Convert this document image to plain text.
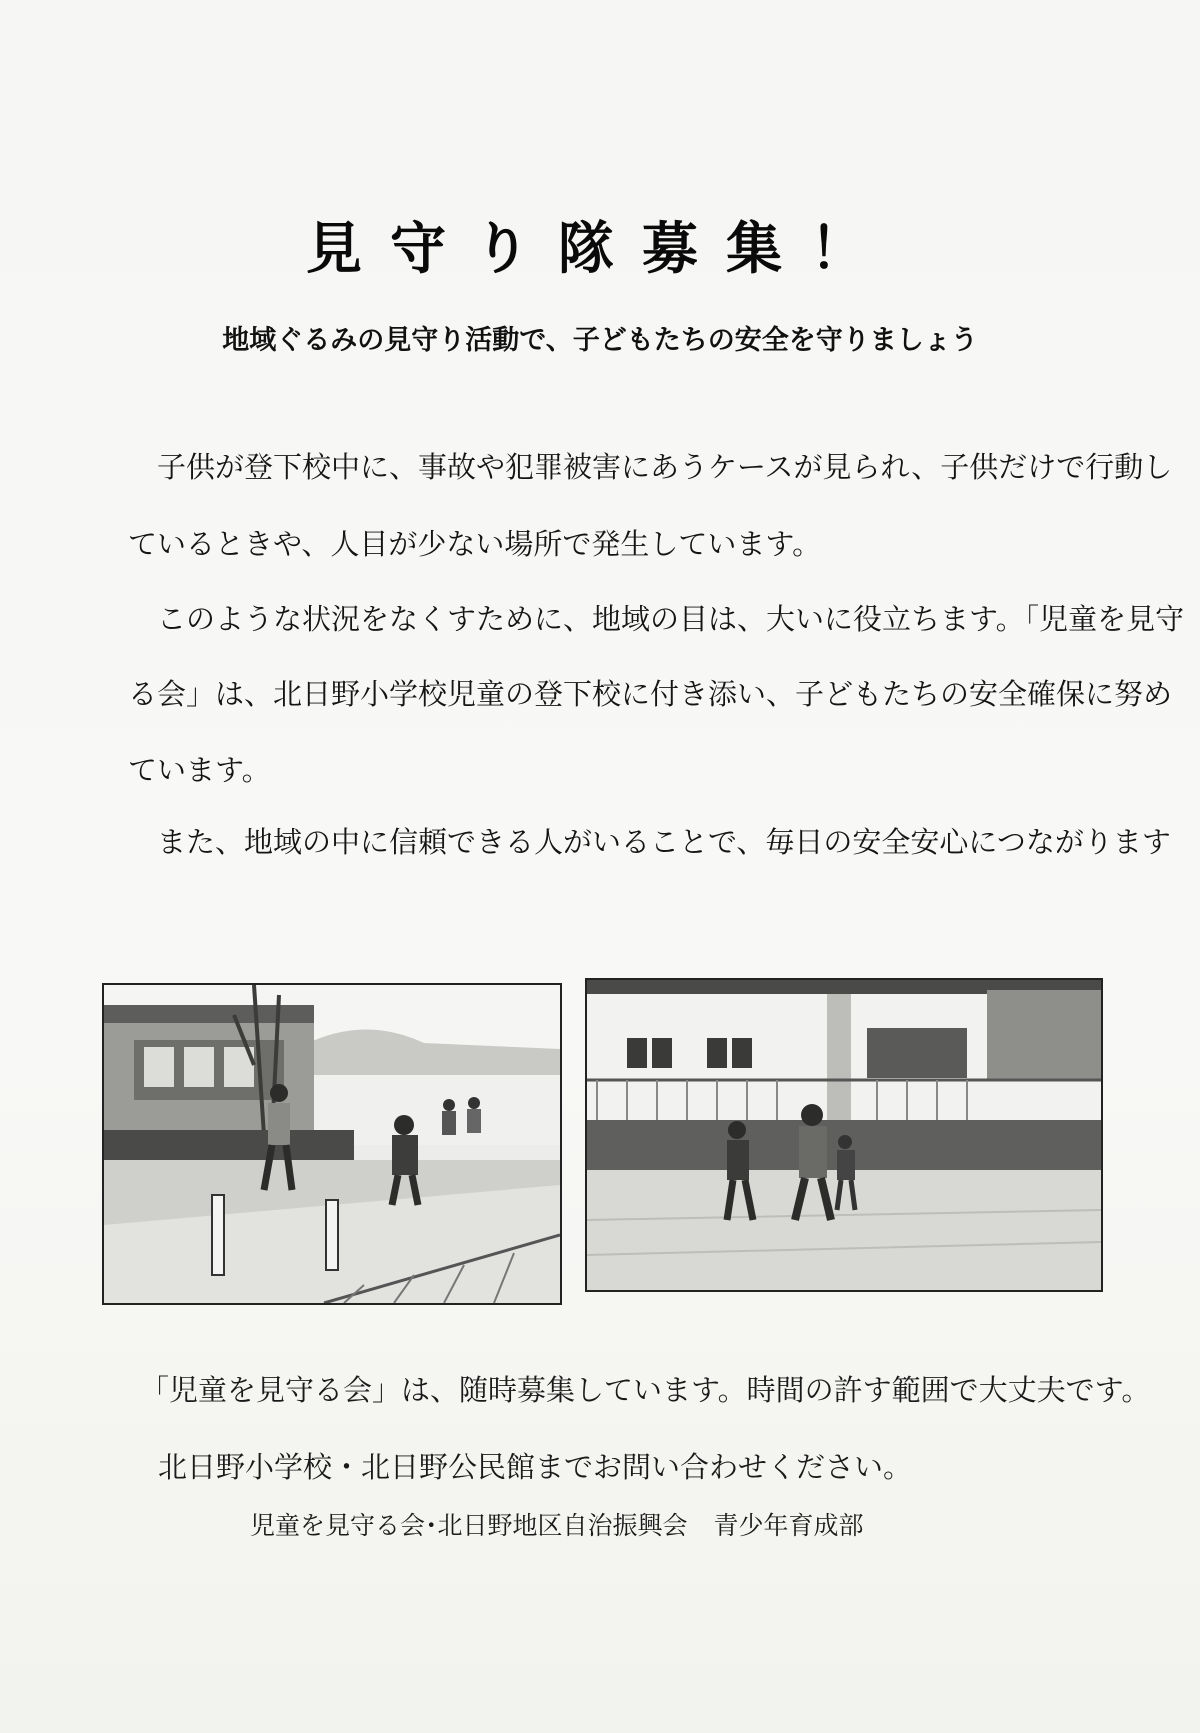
見守り隊募集！
地域ぐるみの見守り活動で、子どもたちの安全を守りましょう
子供が登下校中に、事故や犯罪被害にあうケースが見られ、子供だけで行動し
ているときや、人目が少ない場所で発生しています。
このような状況をなくすために、地域の目は、大いに役立ちます。「児童を見守
る会」は、北日野小学校児童の登下校に付き添い、子どもたちの安全確保に努め
ています。
また、地域の中に信頼できる人がいることで、毎日の安全安心につながります
「児童を見守る会」は、随時募集しています。時間の許す範囲で大丈夫です。
北日野小学校・北日野公民館までお問い合わせください。
児童を見守る会･北日野地区自治振興会 青少年育成部
